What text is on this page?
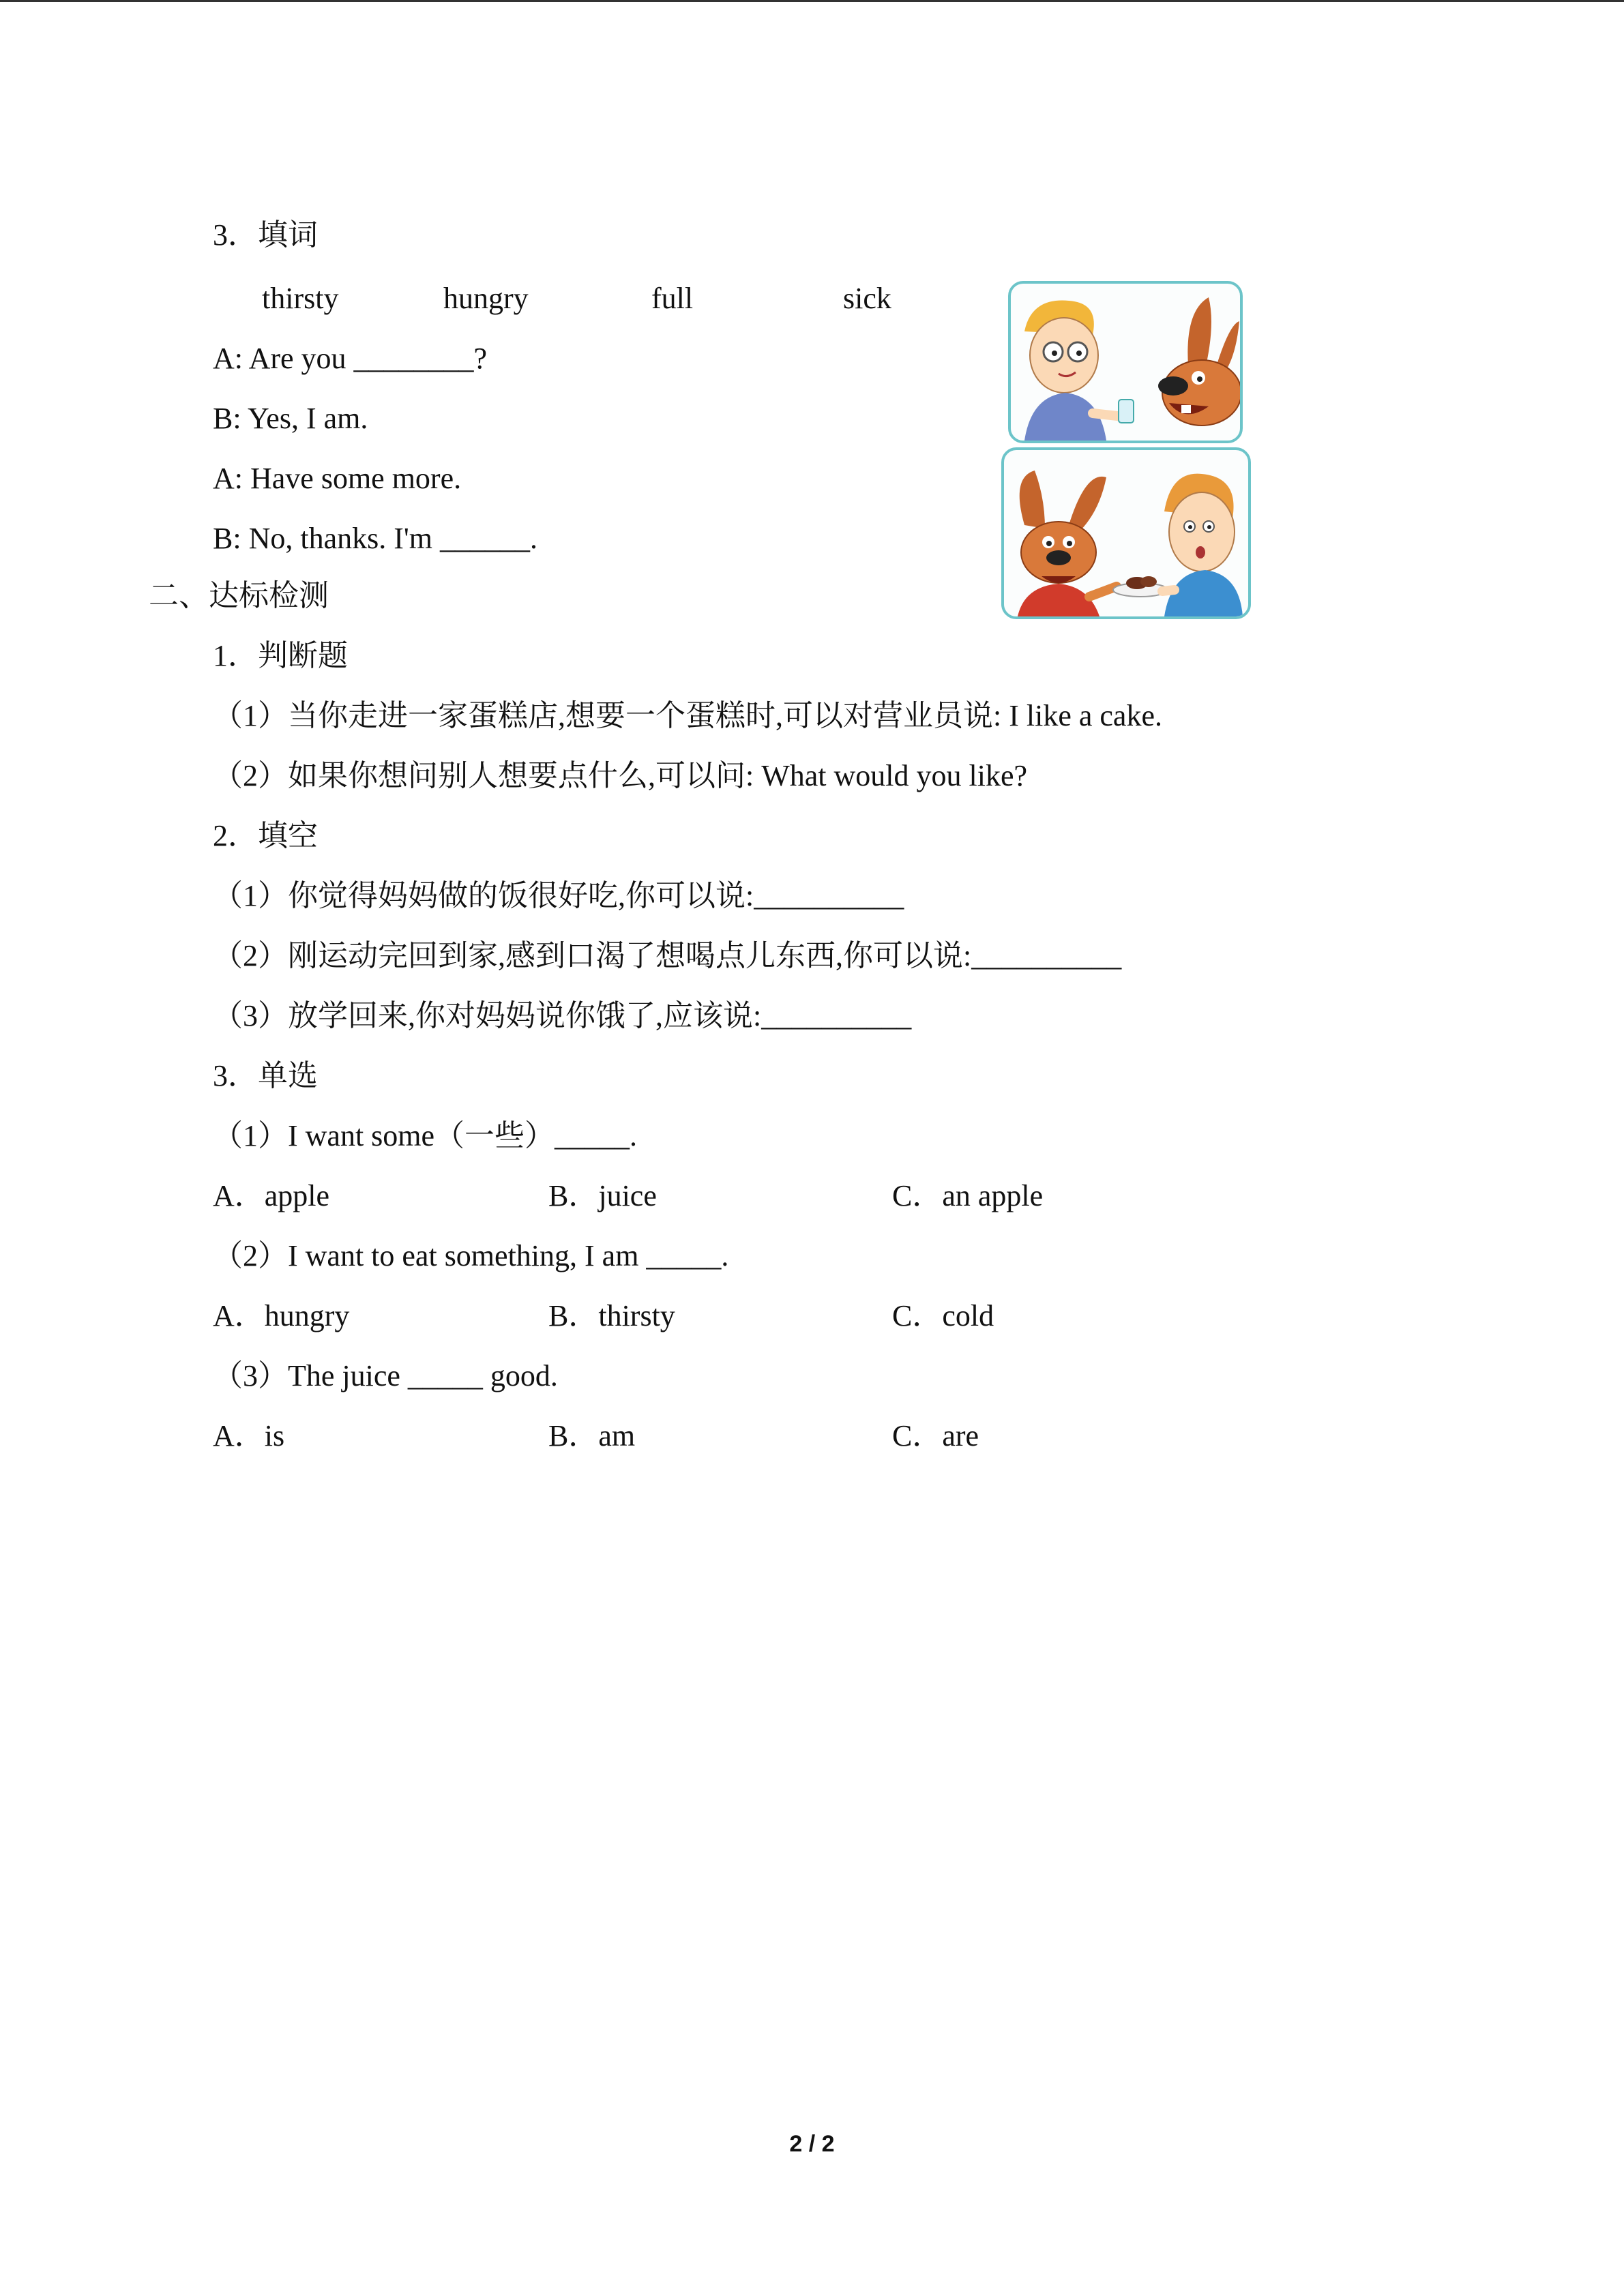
3．填词

thirsty

	hungry

	full

	sick

A: Are you ________?
B: Yes, I am.
A: Have some more.
B: No, thanks. I'm ______.
二、达标检测
1．判断题
（1）当你走进一家蛋糕店,想要一个蛋糕时,可以对营业员说: I like a cake.
（2）如果你想问别人想要点什么,可以问: What would you like?
2．填空
（1）你觉得妈妈做的饭很好吃,你可以说:__________
（2）刚运动完回到家,感到口渴了想喝点儿东西,你可以说:__________
（3）放学回来,你对妈妈说你饿了,应该说:__________
3．单选
（1）I want some（一些）_____.

A．apple

	B．juice

	C．an apple

（2）I want to eat something, I am _____.

A．hungry

	B．thirsty

	C．cold

（3）The juice _____ good.

A．is

	B．am

	C．are

2 / 2
